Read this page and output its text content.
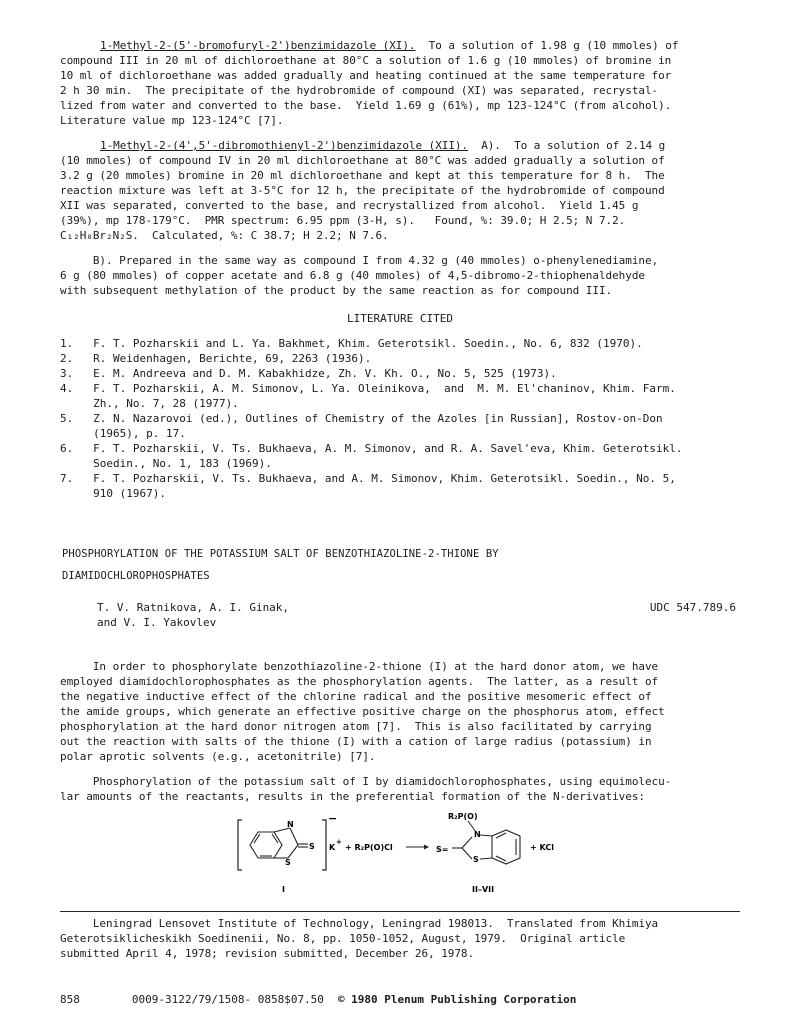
1-Methyl-2-(5'-bromofuryl-2')benzimidazole (XI).  To a solution of 1.98 g (10 mmoles) of
compound III in 20 ml of dichloroethane at 80°C a solution of 1.6 g (10 mmoles) of bromine in
10 ml of dichloroethane was added gradually and heating continued at the same temperature for
2 h 30 min.  The precipitate of the hydrobromide of compound (XI) was separated, recrystal-
lized from water and converted to the base.  Yield 1.69 g (61%), mp 123-124°C (from alcohol).
Literature value mp 123-124°C [7].
1-Methyl-2-(4',5'-dibromothienyl-2')benzimidazole (XII).  A).  To a solution of 2.14 g
(10 mmoles) of compound IV in 20 ml dichloroethane at 80°C was added gradually a solution of
3.2 g (20 mmoles) bromine in 20 ml dichloroethane and kept at this temperature for 8 h.  The
reaction mixture was left at 3-5°C for 12 h, the precipitate of the hydrobromide of compound
XII was separated, converted to the base, and recrystallized from alcohol.  Yield 1.45 g
(39%), mp 178-179°C.  PMR spectrum: 6.95 ppm (3-H, s).   Found, %: 39.0; H 2.5; N 7.2.
C₁₂H₈Br₂N₂S.  Calculated, %: C 38.7; H 2.2; N 7.6.
B). Prepared in the same way as compound I from 4.32 g (40 mmoles) o-phenylenediamine,
6 g (80 mmoles) of copper acetate and 6.8 g (40 mmoles) of 4,5-dibromo-2-thiophenaldehyde
with subsequent methylation of the product by the same reaction as for compound III.
LITERATURE CITED
1.   F. T. Pozharskii and L. Ya. Bakhmet, Khim. Geterotsikl. Soedin., No. 6, 832 (1970).
2.   R. Weidenhagen, Berichte, 69, 2263 (1936).
3.   E. M. Andreeva and D. M. Kabakhidze, Zh. V. Kh. O., No. 5, 525 (1973).
4.   F. T. Pozharskii, A. M. Simonov, L. Ya. Oleinikova,  and  M. M. El'chaninov, Khim. Farm.
Zh., No. 7, 28 (1977).
5.   Z. N. Nazarovoi (ed.), Outlines of Chemistry of the Azoles [in Russian], Rostov-on-Don
(1965), p. 17.
6.   F. T. Pozharskii, V. Ts. Bukhaeva, A. M. Simonov, and R. A. Savel'eva, Khim. Geterotsikl.
Soedin., No. 1, 183 (1969).
7.   F. T. Pozharskii, V. Ts. Bukhaeva, and A. M. Simonov, Khim. Geterotsikl. Soedin., No. 5,
910 (1967).
PHOSPHORYLATION OF THE POTASSIUM SALT OF BENZOTHIAZOLINE-2-THIONE BY
DIAMIDOCHLOROPHOSPHATES
T. V. Ratnikova, A. I. Ginak,
and V. I. Yakovlev
UDC 547.789.6
In order to phosphorylate benzothiazoline-2-thione (I) at the hard donor atom, we have
employed diamidochlorophosphates as the phosphorylation agents.  The latter, as a result of
the negative inductive effect of the chlorine radical and the positive mesomeric effect of
the amide groups, which generate an effective positive charge on the phosphorus atom, effect
phosphorylation at the hard donor nitrogen atom [7].  This is also facilitated by carrying
out the reaction with salts of the thione (I) with a cation of large radius (potassium) in
polar aprotic solvents (e.g., acetonitrile) [7].
Phosphorylation of the potassium salt of I by diamidochlorophosphates, using equimolecu-
lar amounts of the reactants, results in the preferential formation of the N-derivatives:
−
N
S
S K
+
+ R₂P(O)Cl
R₂P(O)
N
S
S=	+ KCl
I	II–VII
Leningrad Lensovet Institute of Technology, Leningrad 198013.  Translated from Khimiya
Geterotsiklicheskikh Soedinenii, No. 8, pp. 1050-1052, August, 1979.  Original article
submitted April 4, 1978; revision submitted, December 26, 1978.
858	0009-3122/79/1508- 0858$07.50 © 1980 Plenum Publishing Corporation
